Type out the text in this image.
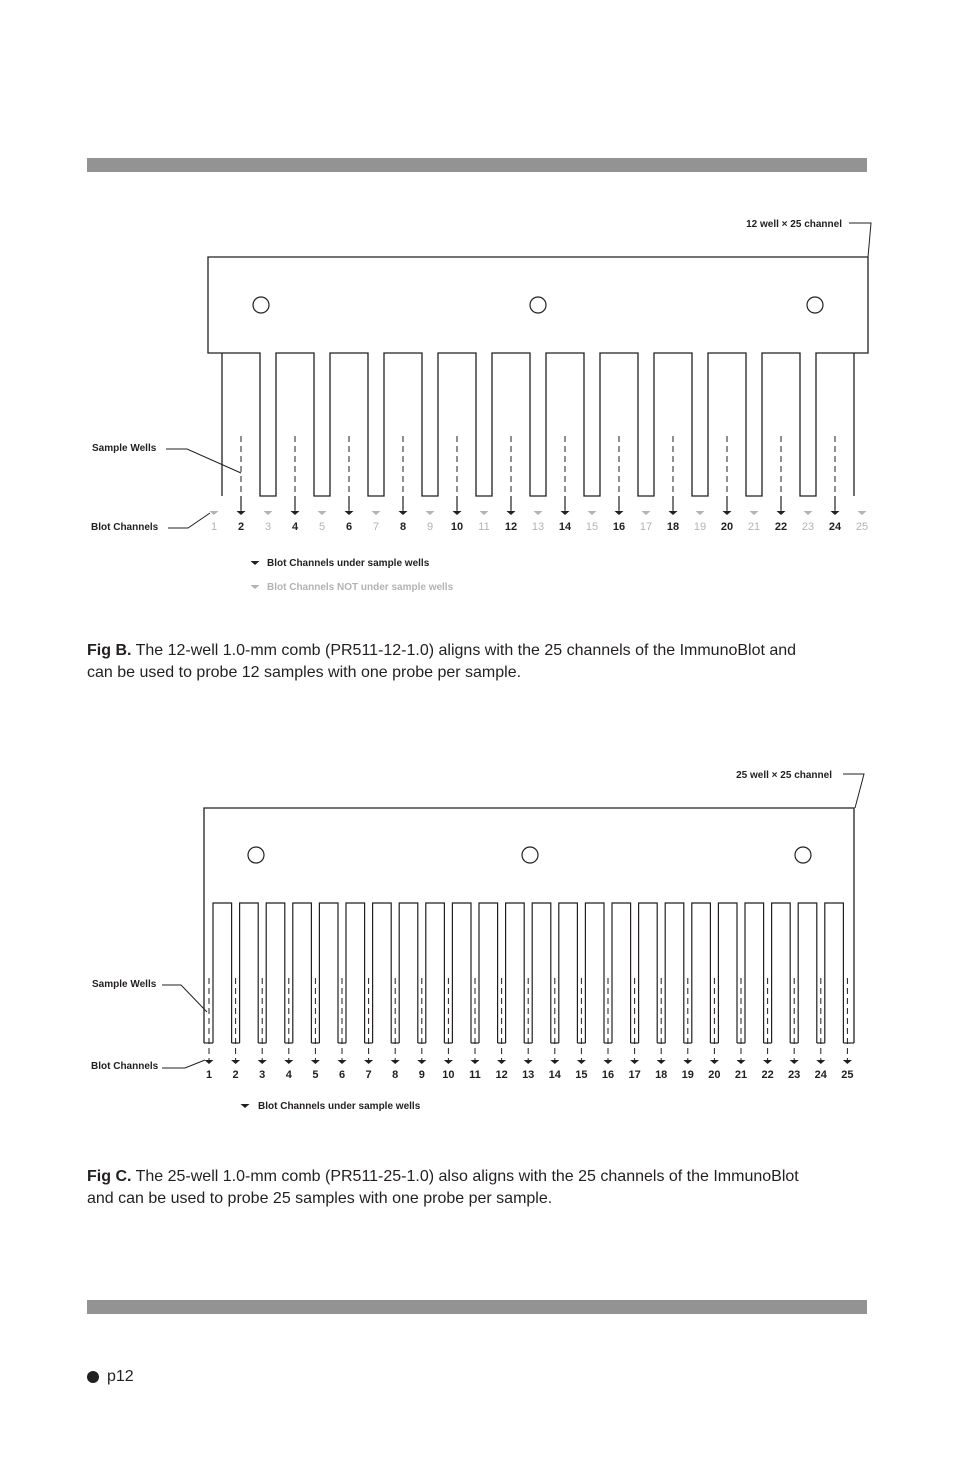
1 2 3 4 5 6 7 8 9 10 11 12 13 14 15 16 17 18 19 20 21 22 23 24 25
12 well × 25 channel
Sample Wells
Blot Channels
Blot Channels under sample wells
Blot Channels NOT under sample wells
Fig B. The 12-well 1.0-mm comb (PR511-12-1.0) aligns with the 25 channels of the ImmunoBlot and can be used to probe 12 samples with one probe per sample.
1 2 3 4 5 6 7 8 9 10 11 12 13 14 15 16 17 18 19 20 21 22 23 24 25
25 well × 25 channel
Sample Wells
Blot Channels
Blot Channels under sample wells
Fig C. The 25-well 1.0-mm comb (PR511-25-1.0) also aligns with the 25 channels of the ImmunoBlot and can be used to probe 25 samples with one probe per sample.
p12
